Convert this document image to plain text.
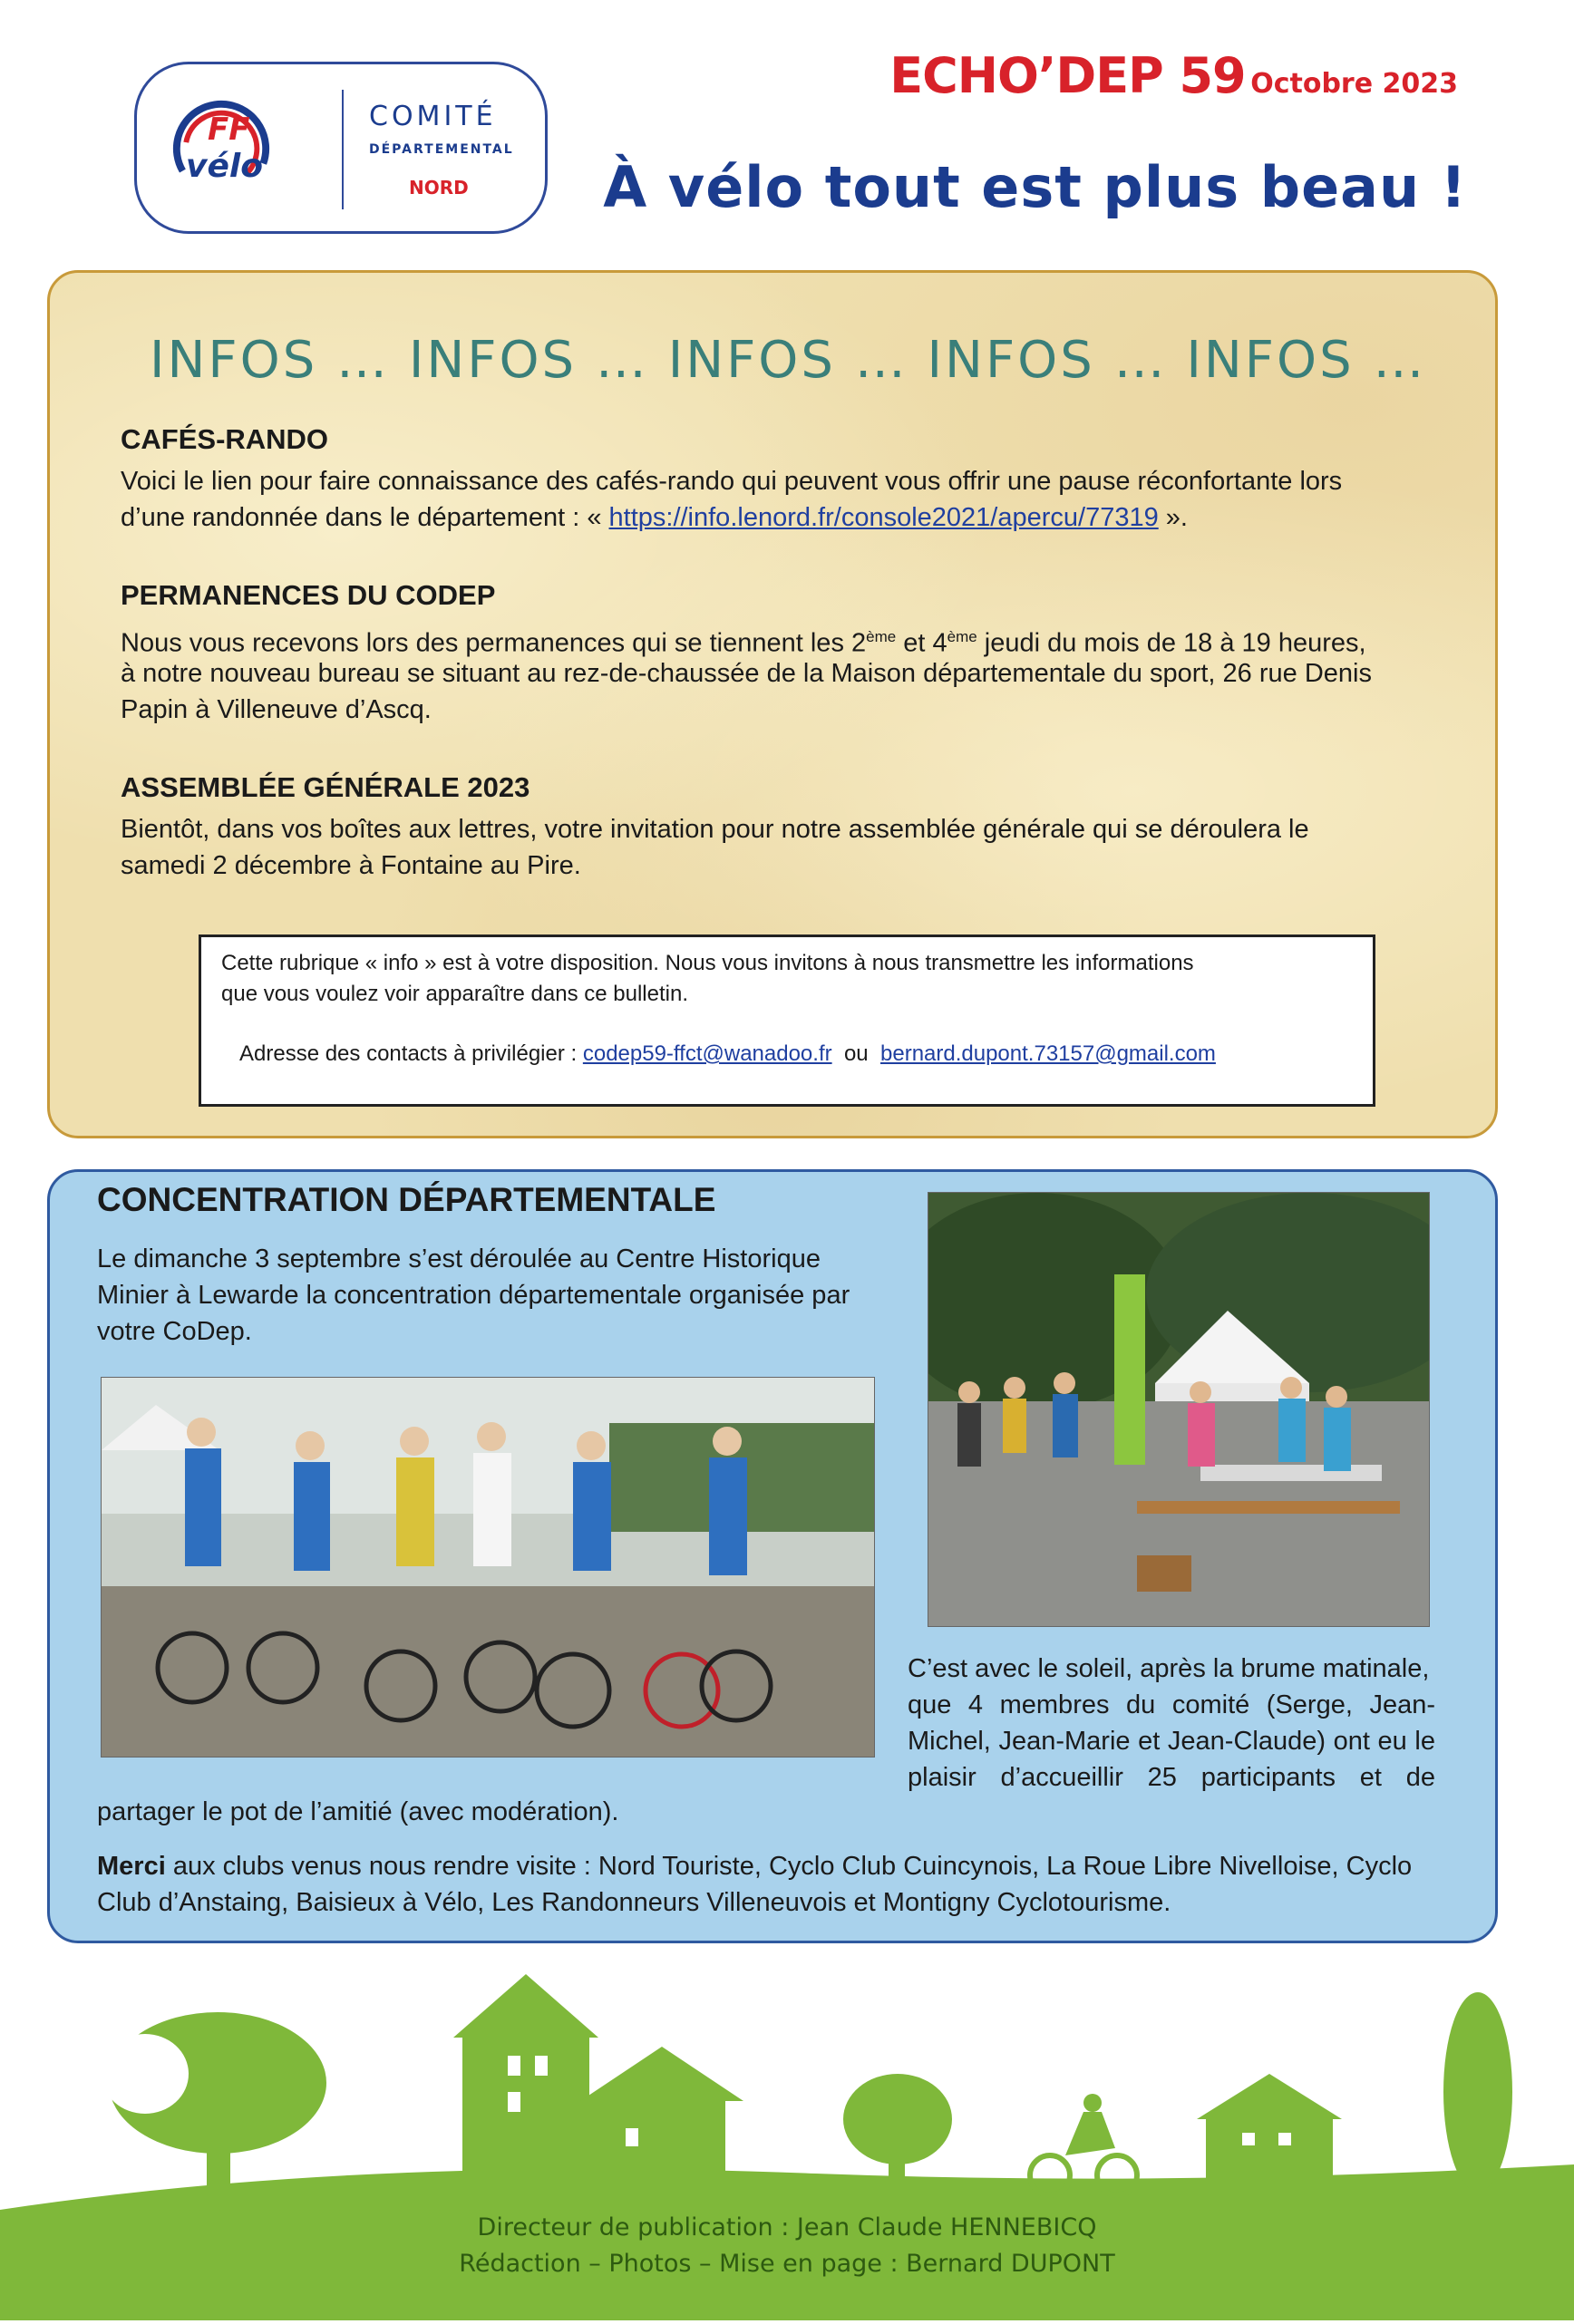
FF
vélo
COMITÉ
DÉPARTEMENTAL
NORD
ECHO’DEP 59 Octobre 2023
À vélo tout est plus beau !
INFOS … INFOS … INFOS … INFOS … INFOS …
CAFÉS-RANDO
Voici le lien pour faire connaissance des cafés-rando qui peuvent vous offrir une pause réconfortante lors
d’une randonnée dans le département : « https://info.lenord.fr/console2021/apercu/77319 ».
PERMANENCES DU CODEP
Nous vous recevons lors des permanences qui se tiennent les 2ème et 4ème jeudi du mois de 18 à 19 heures,
à notre nouveau bureau se situant au rez-de-chaussée de la Maison départementale du sport, 26 rue Denis
Papin à Villeneuve d’Ascq.
ASSEMBLÉE GÉNÉRALE 2023
Bientôt, dans vos boîtes aux lettres, votre invitation pour notre assemblée générale qui se déroulera le
samedi 2 décembre à Fontaine au Pire.
Cette rubrique « info » est à votre disposition. Nous vous invitons à nous transmettre les informations
que vous voulez voir apparaître dans ce bulletin.
Adresse des contacts à privilégier : codep59-ffct@wanadoo.fr ou bernard.dupont.73157@gmail.com
CONCENTRATION DÉPARTEMENTALE
Le dimanche 3 septembre s’est déroulée au Centre Historique
Minier à Lewarde la concentration départementale organisée par
votre CoDep.
C’est avec le soleil, après la brume matinale,
que 4 membres du comité (Serge, Jean-
Michel, Jean-Marie et Jean-Claude) ont eu le
plaisir d’accueillir 25 participants et de
partager le pot de l’amitié (avec modération).
Merci aux clubs venus nous rendre visite : Nord Touriste, Cyclo Club Cuincynois, La Roue Libre Nivelloise, Cyclo
Club d’Anstaing, Baisieux à Vélo, Les Randonneurs Villeneuvois et Montigny Cyclotourisme.
Directeur de publication : Jean Claude HENNEBICQ
Rédaction – Photos – Mise en page : Bernard DUPONT
